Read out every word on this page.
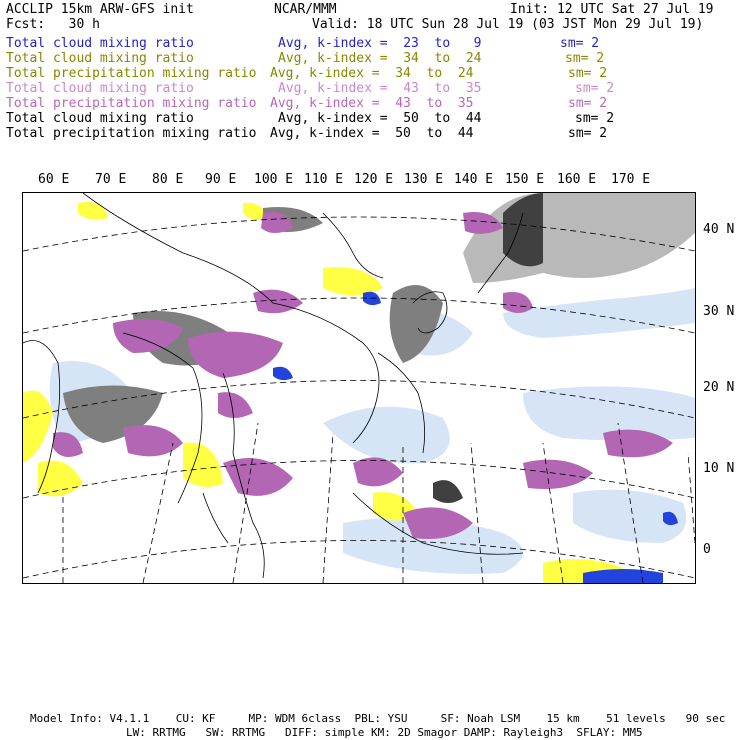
ACCLIP 15km ARW-GFS init	NCAR/MMM	Init: 12 UTC Sat 27 Jul 19
Fcst:   30 h	Valid: 18 UTC Sun 28 Jul 19 (03 JST Mon 29 Jul 19)
Total cloud mixing ratio	Avg, k-index =  23  to   9	sm= 2
Total cloud mixing ratio	Avg, k-index =  34  to  24	sm= 2
Total precipitation mixing ratio Avg, k-index =  34  to  24	sm= 2
Total cloud mixing ratio	Avg, k-index =  43  to  35	sm= 2
Total precipitation mixing ratio Avg, k-index =  43  to  35	sm= 2
Total cloud mixing ratio	Avg, k-index =  50  to  44	sm= 2
Total precipitation mixing ratio Avg, k-index =  50  to  44	sm= 2
60 E 70 E 80 E 90 E 100 E 110 E 120 E 130 E 140 E 150 E 160 E 170 E
40 N
30 N
20 N
10 N
0
Model Info: V4.1.1    CU: KF     MP: WDM 6class  PBL: YSU     SF: Noah LSM    15 km    51 levels   90 sec
LW: RRTMG   SW: RRTMG   DIFF: simple KM: 2D Smagor DAMP: Rayleigh3  SFLAY: MM5
